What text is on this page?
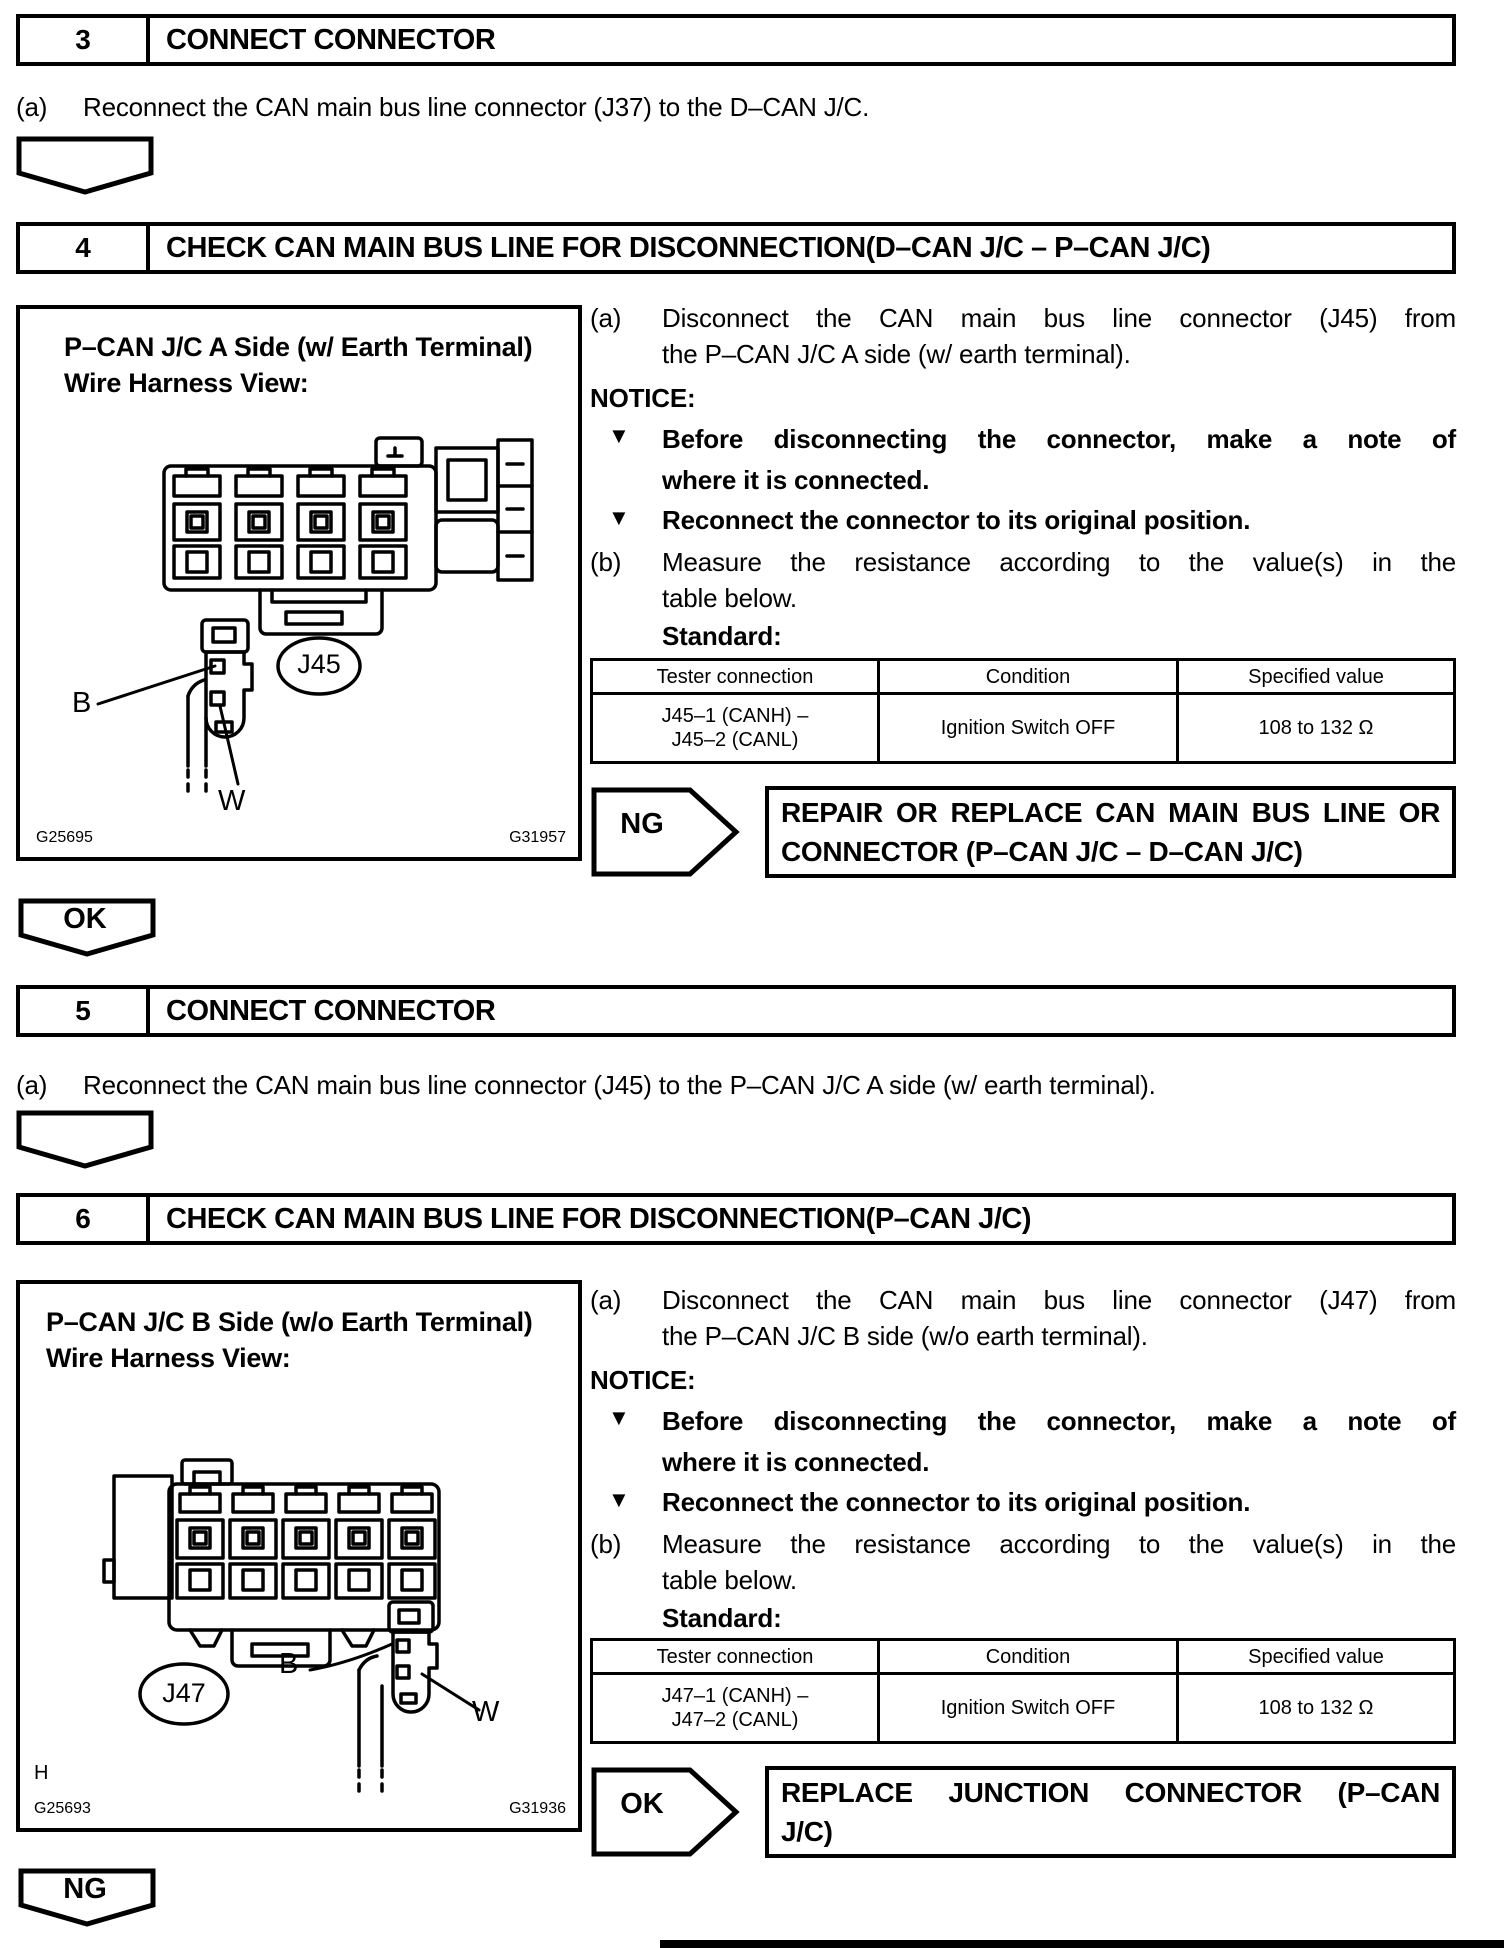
3	CONNECT CONNECTOR
(a)	Reconnect the CAN main bus line connector (J37) to the D–CAN J/C.
4	CHECK CAN MAIN BUS LINE FOR DISCONNECTION(D–CAN J/C – P–CAN J/C)
P–CAN J/C A Side (w/ Earth Terminal)
Wire Harness View:
G25695	G31957
B
W
J45
(a)	Disconnect the CAN main bus line connector (J45) from
the P–CAN J/C A side (w/ earth terminal).
NOTICE:
▼	Before disconnecting the connector, make a note of
where it is connected.
▼	Reconnect the connector to its original position.
(b)	Measure the resistance according to the value(s) in the
table below.
Standard:
Tester connection	Condition	Specified value
J45–1 (CANH) –
J45–2 (CANL)
Ignition Switch OFF	108 to 132 Ω
NG	REPAIR OR REPLACE CAN MAIN BUS LINE OR
CONNECTOR (P–CAN J/C – D–CAN J/C)
OK
5	CONNECT CONNECTOR
(a)	Reconnect the CAN main bus line connector (J45) to the P–CAN J/C A side (w/ earth terminal).
6	CHECK CAN MAIN BUS LINE FOR DISCONNECTION(P–CAN J/C)
P–CAN J/C B Side (w/o Earth Terminal)
Wire Harness View:
H
G25693	G31936
B
W
J47
(a)	Disconnect the CAN main bus line connector (J47) from
the P–CAN J/C B side (w/o earth terminal).
NOTICE:
▼	Before disconnecting the connector, make a note of
where it is connected.
▼	Reconnect the connector to its original position.
(b)	Measure the resistance according to the value(s) in the
table below.
Standard:
Tester connection	Condition	Specified value
J47–1 (CANH) –
J47–2 (CANL)
Ignition Switch OFF	108 to 132 Ω
OK	REPLACE JUNCTION CONNECTOR (P–CAN
J/C)
NG
